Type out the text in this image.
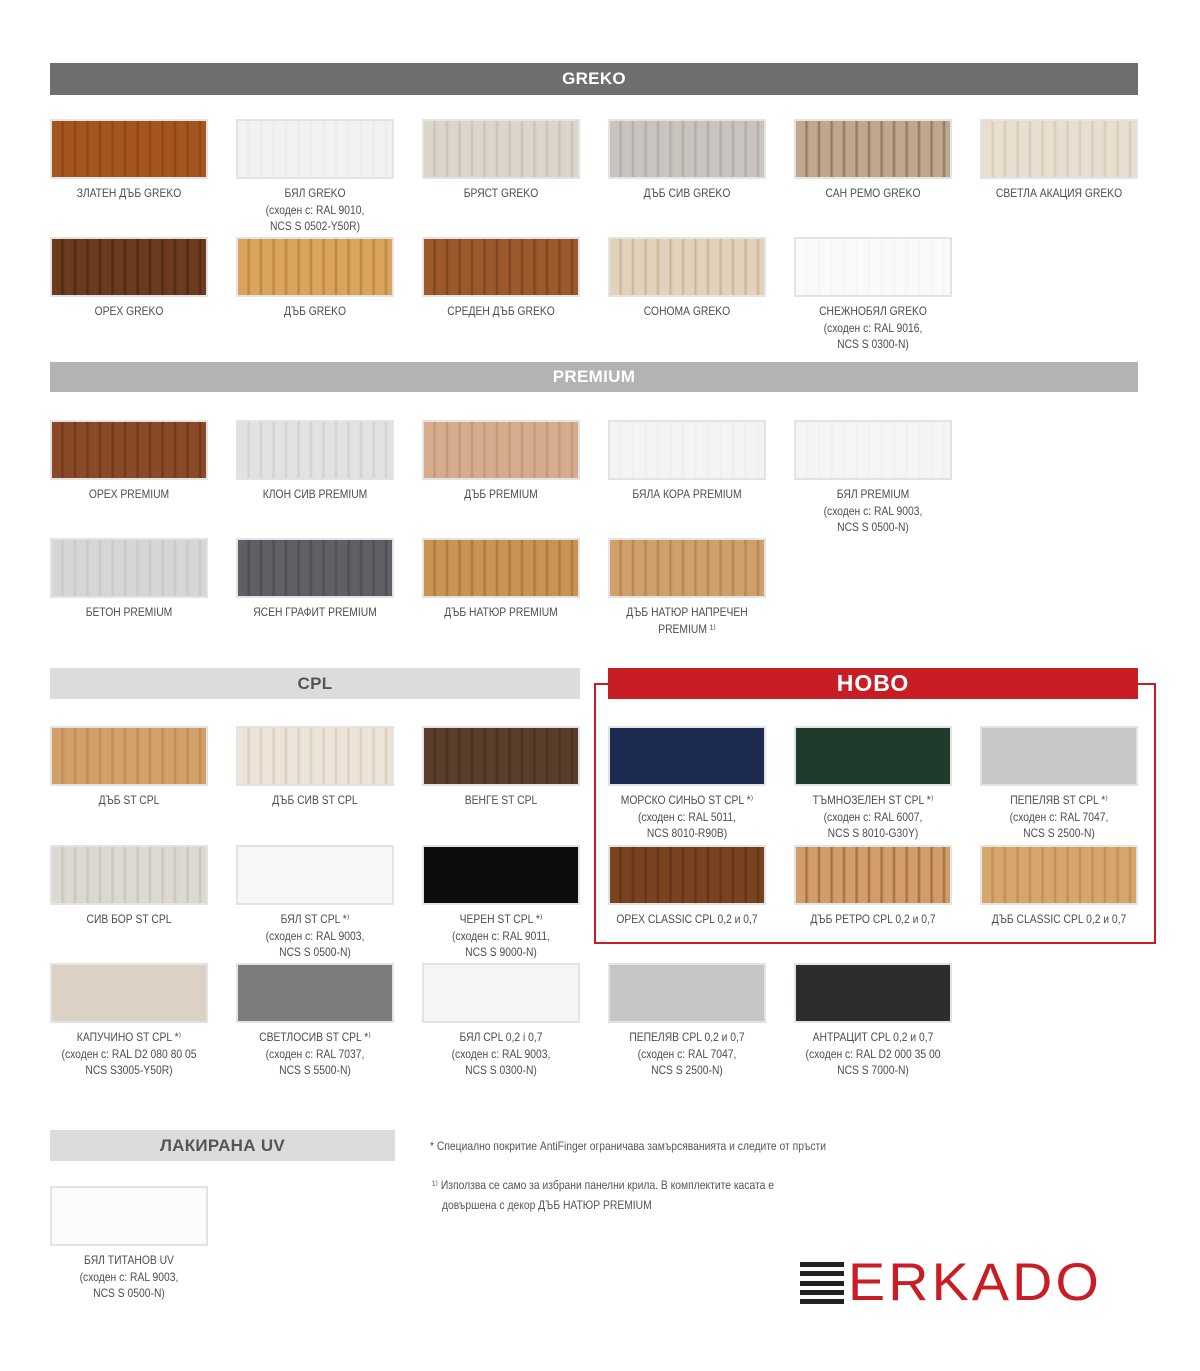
GREKO
PREMIUM
CPL	НОВО
ЛАКИРАНА UV
ЗЛАТЕН ДЪБ GREKO	БЯЛ GREKO
(сходен с: RAL 9010,
NCS S 0502-Y50R)
БРЯСТ GREKO	ДЪБ СИВ GREKO	САН РЕМО GREKO	СВЕТЛА АКАЦИЯ GREKO
ОРЕХ GREKO	ДЪБ GREKO	СРЕДЕН ДЪБ GREKO	СОНОМА GREKO	СНЕЖНОБЯЛ GREKO
(сходен с: RAL 9016,
NCS S 0300-N)
ОРЕХ PREMIUM	КЛОН СИВ PREMIUM	ДЪБ PREMIUM	БЯЛА КОРА PREMIUM	БЯЛ PREMIUM
(сходен с: RAL 9003,
NCS S 0500-N)
БЕТОН PREMIUM	ЯСЕН ГРАФИТ PREMIUM	ДЪБ НАТЮР PREMIUM	ДЪБ НАТЮР НАПРЕЧЕН
PREMIUM ¹⁾
ДЪБ ST CPL	ДЪБ СИВ ST CPL	ВЕНГЕ ST CPL	МОРСКО СИНЬО ST CPL *⁾
(сходен с: RAL 5011,
NCS 8010-R90B)
ТЪМНОЗЕЛЕН ST CPL *⁾
(сходен с: RAL 6007,
NCS S 8010-G30Y)
ПЕПЕЛЯВ ST CPL *⁾
(сходен с: RAL 7047,
NCS S 2500-N)
СИВ БОР ST CPL	БЯЛ ST CPL *⁾
(сходен с: RAL 9003,
NCS S 0500-N)
ЧЕРЕН ST CPL *⁾
(сходен с: RAL 9011,
NCS S 9000-N)
ОРЕХ CLASSIC CPL 0,2 и 0,7	ДЪБ РЕТРО CPL 0,2 и 0,7	ДЪБ CLASSIC CPL 0,2 и 0,7
КАПУЧИНО ST CPL *⁾
(сходен с: RAL D2 080 80 05
NCS S3005-Y50R)
СВЕТЛОСИВ ST CPL *⁾
(сходен с: RAL 7037,
NCS S 5500-N)
БЯЛ CPL 0,2 i 0,7
(сходен с: RAL 9003,
NCS S 0300-N)
ПЕПЕЛЯВ CPL 0,2 и 0,7
(сходен с: RAL 7047,
NCS S 2500-N)
АНТРАЦИТ CPL 0,2 и 0,7
(сходен с: RAL D2 000 35 00
NCS S 7000-N)
БЯЛ ТИТАНОВ UV
(сходен с: RAL 9003,
NCS S 0500-N)
* Специално покритие AntiFinger ограничава замърсяванията и следите от пръсти
¹⁾ Използва се само за избрани панелни крила. В комплектите касата е
довършена с декор ДЪБ НАТЮР PREMIUM
ERKADO
